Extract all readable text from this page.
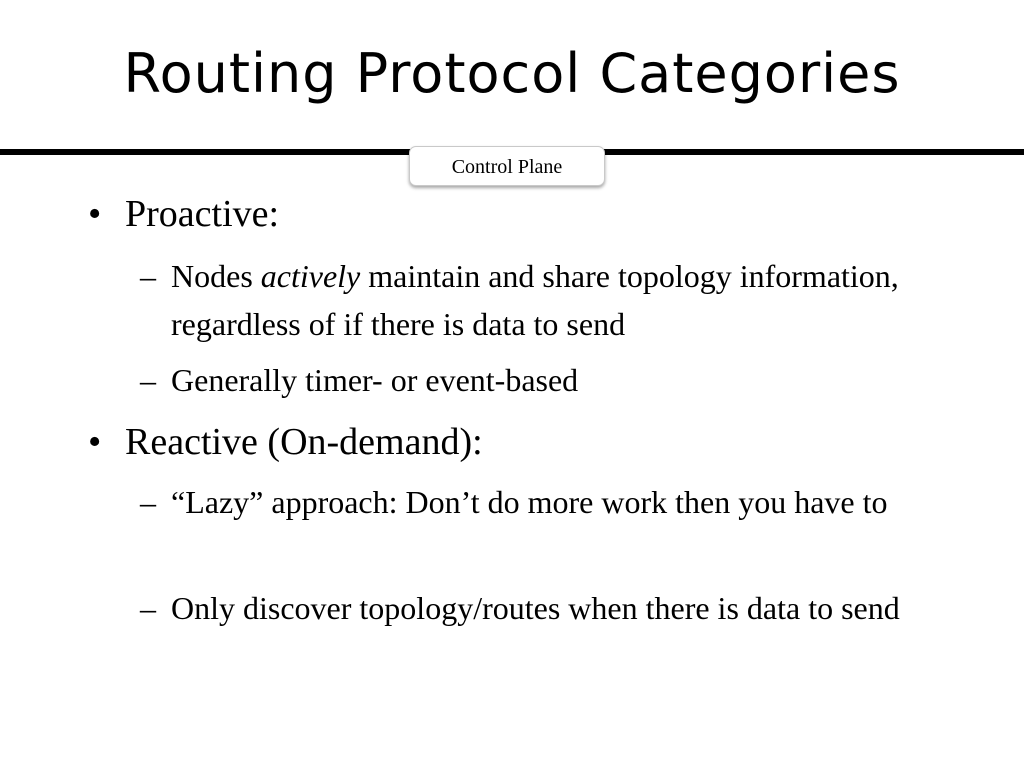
Routing Protocol Categories
Control Plane
• Proactive:
– Nodes actively maintain and share topology information, regardless of if there is data to send
– Generally timer- or event-based
• Reactive (On-demand):
– “Lazy” approach: Don’t do more work then you have to
– Only discover topology/routes when there is data to send
